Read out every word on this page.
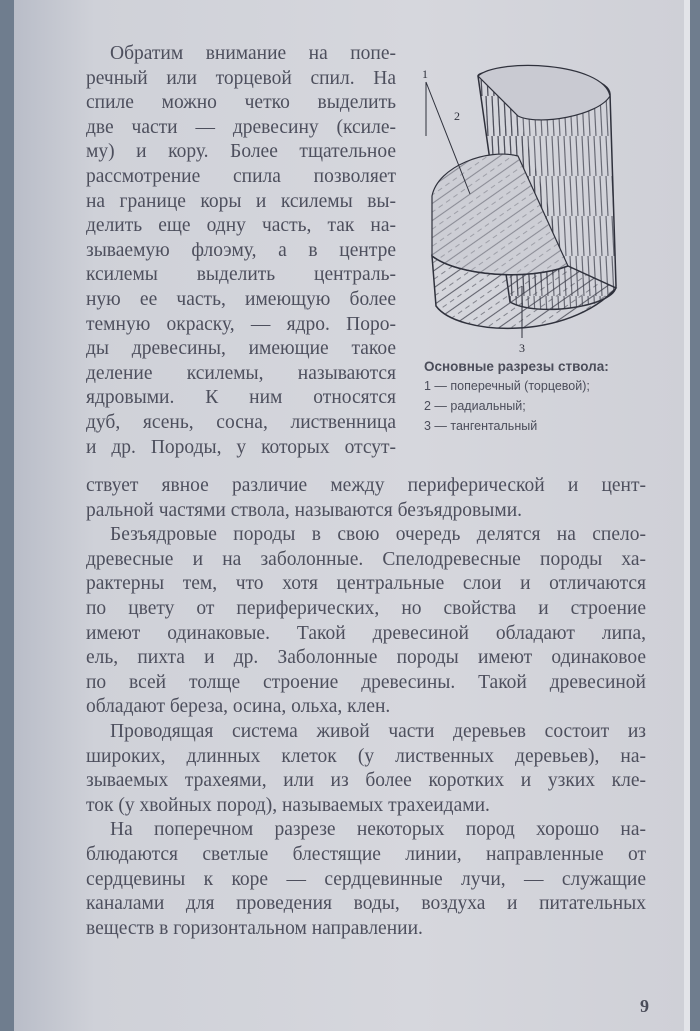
Обратим внимание на попе-
речный или торцевой спил. На
спиле можно четко выделить
две части — древесину (ксиле-
му) и кору. Более тщательное
рассмотрение спила позволяет
на границе коры и ксилемы вы-
делить еще одну часть, так на-
зываемую флоэму, а в центре
ксилемы выделить централь-
ную ее часть, имеющую более
темную окраску, — ядро. Поро-
ды древесины, имеющие такое
деление ксилемы, называются
ядровыми. К ним относятся
дуб, ясень, сосна, лиственница
и др. Породы, у которых отсут-
1
2
3
Основные разрезы ствола:
1 — поперечный (торцевой);
2 — радиальный;
3 — тангентальный
ствует явное различие между периферической и цент-
ральной частями ствола, называются безъядровыми.
Безъядровые породы в свою очередь делятся на спело-
древесные и на заболонные. Спелодревесные породы ха-
рактерны тем, что хотя центральные слои и отличаются
по цвету от периферических, но свойства и строение
имеют одинаковые. Такой древесиной обладают липа,
ель, пихта и др. Заболонные породы имеют одинаковое
по всей толще строение древесины. Такой древесиной
обладают береза, осина, ольха, клен.
Проводящая система живой части деревьев состоит из
широких, длинных клеток (у лиственных деревьев), на-
зываемых трахеями, или из более коротких и узких кле-
ток (у хвойных пород), называемых трахеидами.
На поперечном разрезе некоторых пород хорошо на-
блюдаются светлые блестящие линии, направленные от
сердцевины к коре — сердцевинные лучи, — служащие
каналами для проведения воды, воздуха и питательных
веществ в горизонтальном направлении.
9
